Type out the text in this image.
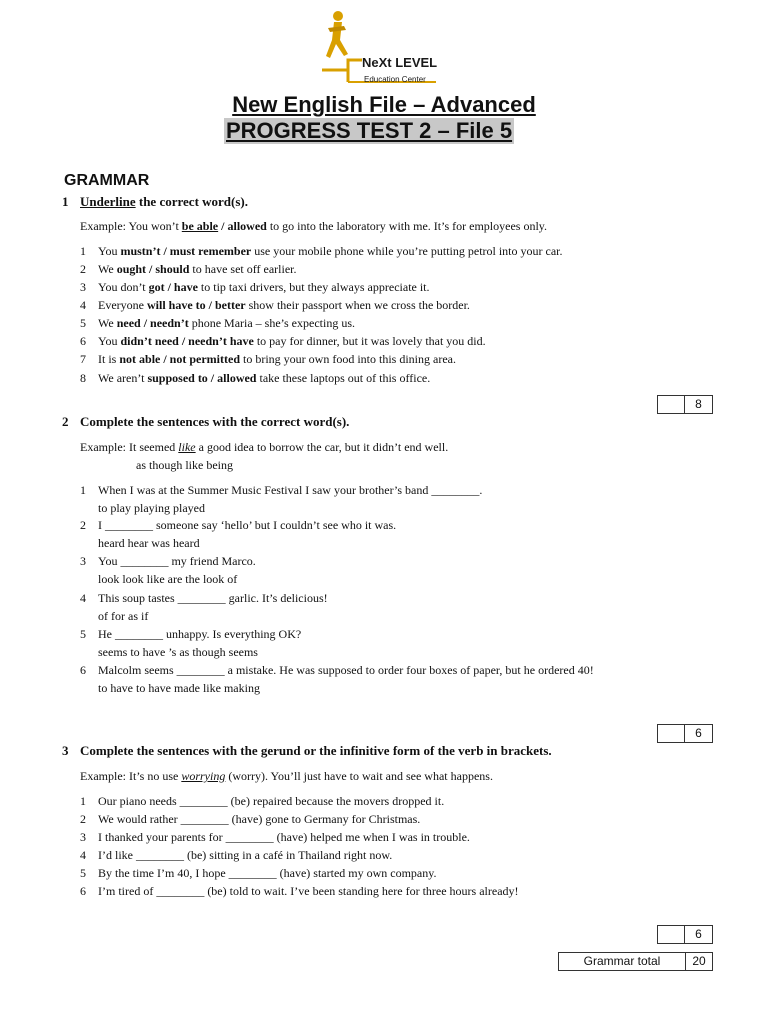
NeXt LEVEL
Education Center
New English File – Advanced
PROGRESS TEST 2 – File 5
GRAMMAR
1 Underline the correct word(s).
Example: You won’t be able / allowed to go into the laboratory with me. It’s for employees only.
1 You mustn’t / must remember use your mobile phone while you’re putting petrol into your car.
2 We ought / should to have set off earlier.
3 You don’t got / have to tip taxi drivers, but they always appreciate it.
4 Everyone will have to / better show their passport when we cross the border.
5 We need / needn’t phone Maria – she’s expecting us.
6 You didn’t need / needn’t have to pay for dinner, but it was lovely that you did.
7 It is not able / not permitted to bring your own food into this dining area.
8 We aren’t supposed to / allowed take these laptops out of this office.
8
2 Complete the sentences with the correct word(s).
Example: It seemed like a good idea to borrow the car, but it didn’t end well.
as though like being
1 When I was at the Summer Music Festival I saw your brother’s band ________.
to play playing played
2 I ________ someone say ‘hello’ but I couldn’t see who it was.
heard hear was heard
3 You ________ my friend Marco.
look look like are the look of
4 This soup tastes ________ garlic. It’s delicious!
of for as if
5 He ________ unhappy. Is everything OK?
seems to have ’s as though seems
6 Malcolm seems ________ a mistake. He was supposed to order four boxes of paper, but he ordered 40!
to have to have made like making
6
3 Complete the sentences with the gerund or the infinitive form of the verb in brackets.
Example: It’s no use worrying (worry). You’ll just have to wait and see what happens.
1 Our piano needs ________ (be) repaired because the movers dropped it.
2 We would rather ________ (have) gone to Germany for Christmas.
3 I thanked your parents for ________ (have) helped me when I was in trouble.
4 I’d like ________ (be) sitting in a café in Thailand right now.
5 By the time I’m 40, I hope ________ (have) started my own company.
6 I’m tired of ________ (be) told to wait. I’ve been standing here for three hours already!
6
Grammar total	20
